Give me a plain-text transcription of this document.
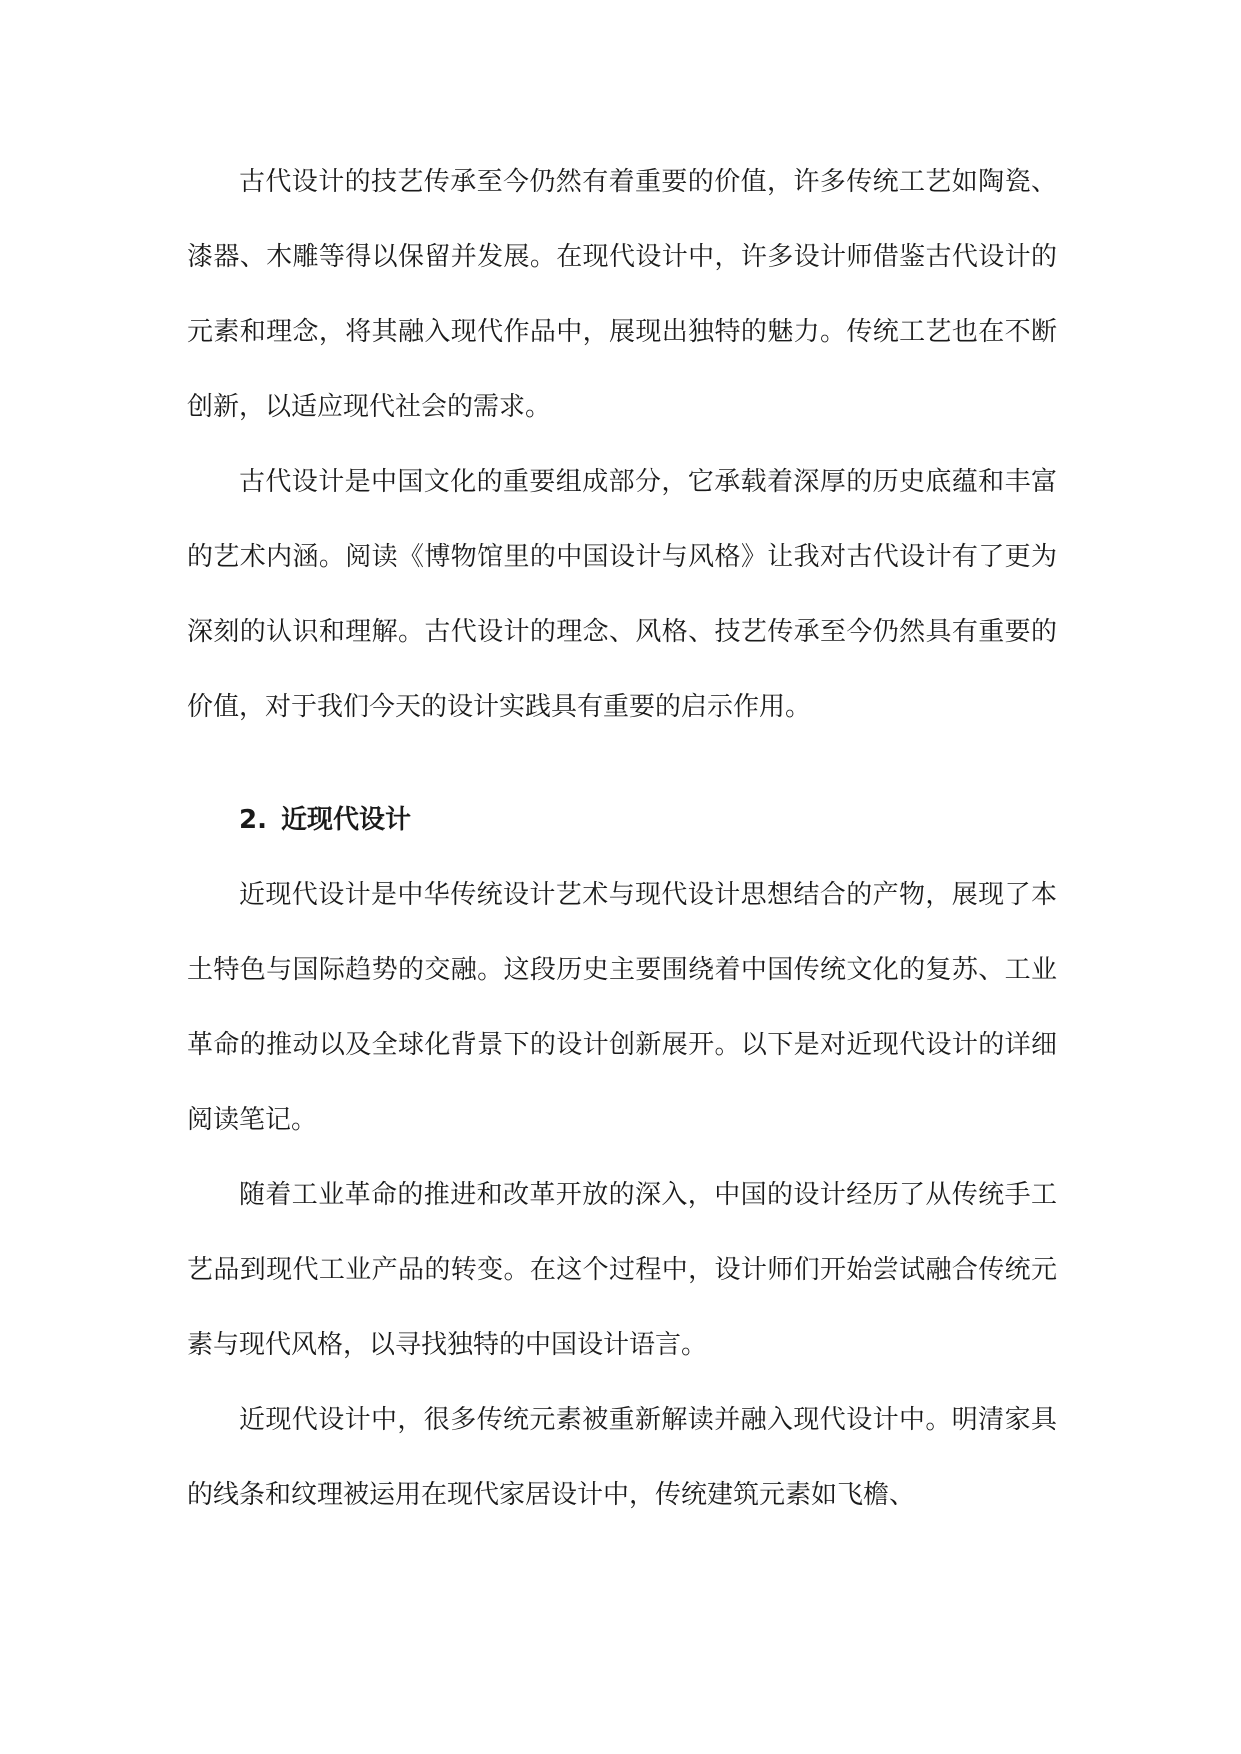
古代设计的技艺传承至今仍然有着重要的价值，许多传统工艺如陶瓷、漆器、木雕等得以保留并发展。在现代设计中，许多设计师借鉴古代设计的元素和理念，将其融入现代作品中，展现出独特的魅力。传统工艺也在不断创新，以适应现代社会的需求。

古代设计是中国文化的重要组成部分，它承载着深厚的历史底蕴和丰富的艺术内涵。阅读《博物馆里的中国设计与风格》让我对古代设计有了更为深刻的认识和理解。古代设计的理念、风格、技艺传承至今仍然具有重要的价值，对于我们今天的设计实践具有重要的启示作用。

2. 近现代设计

近现代设计是中华传统设计艺术与现代设计思想结合的产物，展现了本土特色与国际趋势的交融。这段历史主要围绕着中国传统文化的复苏、工业革命的推动以及全球化背景下的设计创新展开。以下是对近现代设计的详细阅读笔记。

随着工业革命的推进和改革开放的深入，中国的设计经历了从传统手工艺品到现代工业产品的转变。在这个过程中，设计师们开始尝试融合传统元素与现代风格，以寻找独特的中国设计语言。

近现代设计中，很多传统元素被重新解读并融入现代设计中。明清家具的线条和纹理被运用在现代家居设计中，传统建筑元素如飞檐、
